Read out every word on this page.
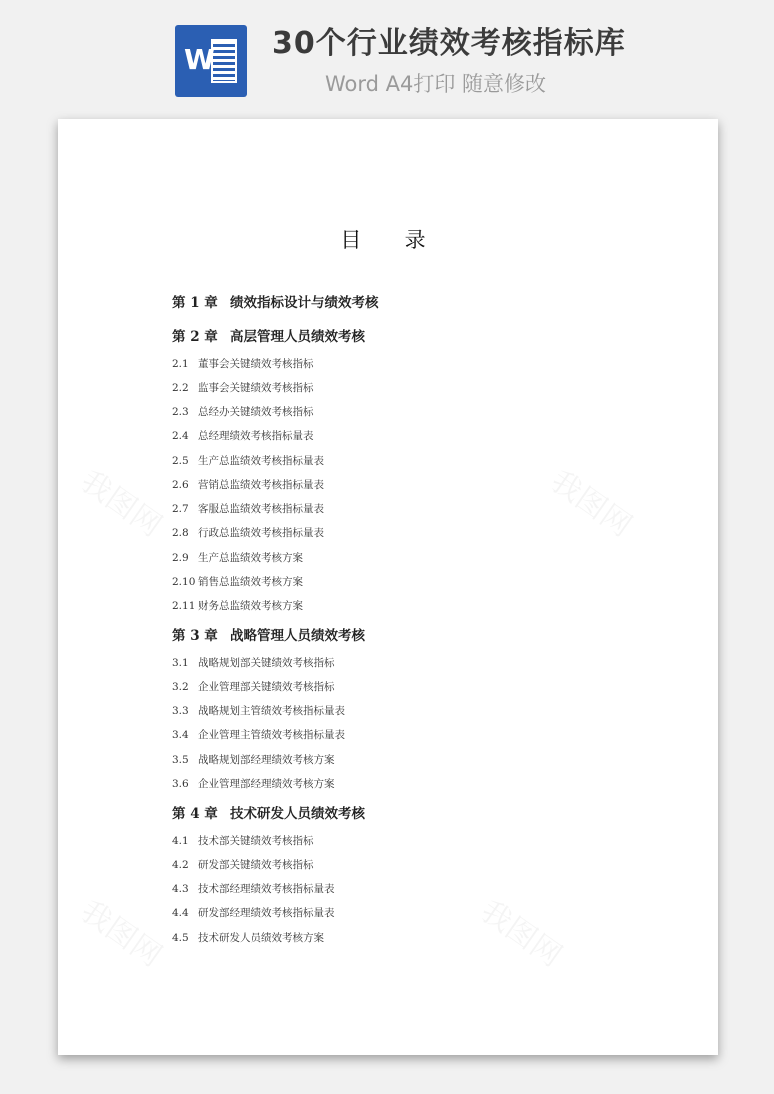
W 30个行业绩效考核指标库
Word A4打印 随意修改
目  录
第 1 章 绩效指标设计与绩效考核
第 2 章 高层管理人员绩效考核
2.1 董事会关键绩效考核指标
2.2 监事会关键绩效考核指标
2.3 总经办关键绩效考核指标
2.4 总经理绩效考核指标量表
2.5 生产总监绩效考核指标量表
2.6 营销总监绩效考核指标量表
2.7 客服总监绩效考核指标量表
2.8 行政总监绩效考核指标量表
2.9 生产总监绩效考核方案
2.10 销售总监绩效考核方案
2.11 财务总监绩效考核方案
第 3 章 战略管理人员绩效考核
3.1 战略规划部关键绩效考核指标
3.2 企业管理部关键绩效考核指标
3.3 战略规划主管绩效考核指标量表
3.4 企业管理主管绩效考核指标量表
3.5 战略规划部经理绩效考核方案
3.6 企业管理部经理绩效考核方案
第 4 章 技术研发人员绩效考核
4.1 技术部关键绩效考核指标
4.2 研发部关键绩效考核指标
4.3 技术部经理绩效考核指标量表
4.4 研发部经理绩效考核指标量表
4.5 技术研发人员绩效考核方案
